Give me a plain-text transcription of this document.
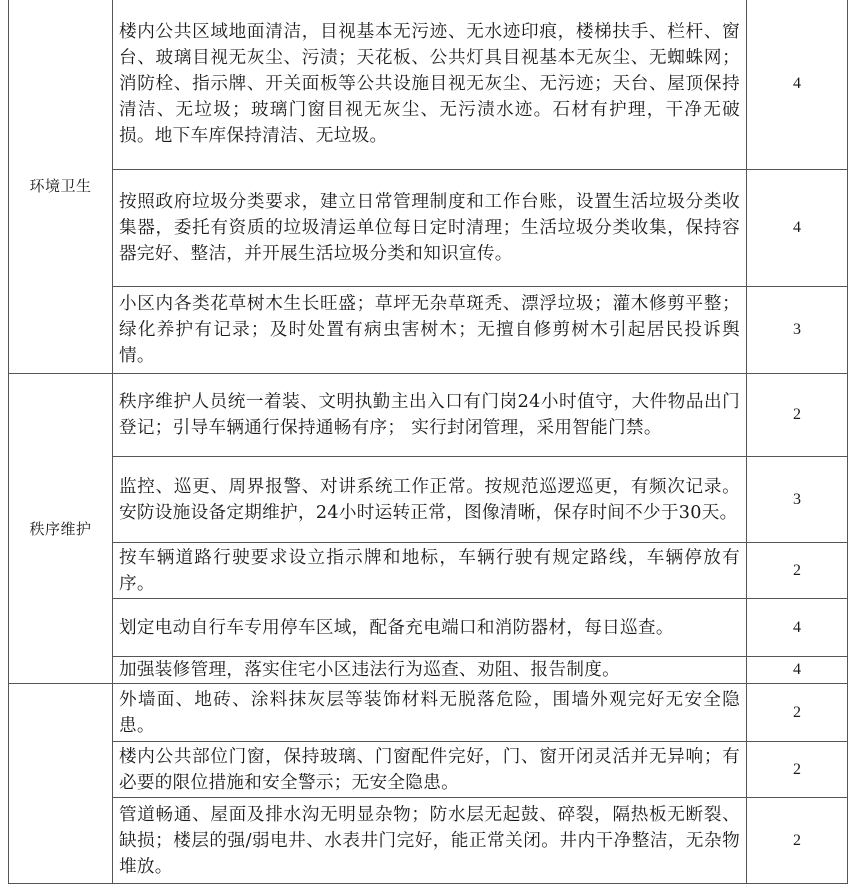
环境卫生	楼内公共区域地面清洁，目视基本无污迹、无水迹印痕，楼梯扶手、栏杆、窗台、玻璃目视无灰尘、污渍；天花板、公共灯具目视基本无灰尘、无蜘蛛网；消防栓、指示牌、开关面板等公共设施目视无灰尘、无污迹；天台、屋顶保持清洁、无垃圾；玻璃门窗目视无灰尘、无污渍水迹。石材有护理，干净无破损。地下车库保持清洁、无垃圾。	4
	按照政府垃圾分类要求，建立日常管理制度和工作台账，设置生活垃圾分类收集器，委托有资质的垃圾清运单位每日定时清理；生活垃圾分类收集，保持容器完好、整洁，并开展生活垃圾分类和知识宣传。	4
	小区内各类花草树木生长旺盛；草坪无杂草斑秃、漂浮垃圾；灌木修剪平整；绿化养护有记录；及时处置有病虫害树木；无擅自修剪树木引起居民投诉舆情。	3
秩序维护	秩序维护人员统一着装、文明执勤主出入口有门岗24小时值守，大件物品出门登记；引导车辆通行保持通畅有序； 实行封闭管理，采用智能门禁。	2
	监控、巡更、周界报警、对讲系统工作正常。按规范巡逻巡更，有频次记录。安防设施设备定期维护，24小时运转正常，图像清晰，保存时间不少于30天。	3
	按车辆道路行驶要求设立指示牌和地标，车辆行驶有规定路线，车辆停放有序。	2
	划定电动自行车专用停车区域，配备充电端口和消防器材，每日巡查。	4
	加强装修管理，落实住宅小区违法行为巡查、劝阻、报告制度。	4
	外墙面、地砖、涂料抹灰层等装饰材料无脱落危险，围墙外观完好无安全隐患。	2
	楼内公共部位门窗，保持玻璃、门窗配件完好，门、窗开闭灵活并无异响；有必要的限位措施和安全警示；无安全隐患。	2
	管道畅通、屋面及排水沟无明显杂物；防水层无起鼓、碎裂，隔热板无断裂、缺损；楼层的强/弱电井、水表井门完好，能正常关闭。井内干净整洁，无杂物堆放。	2
